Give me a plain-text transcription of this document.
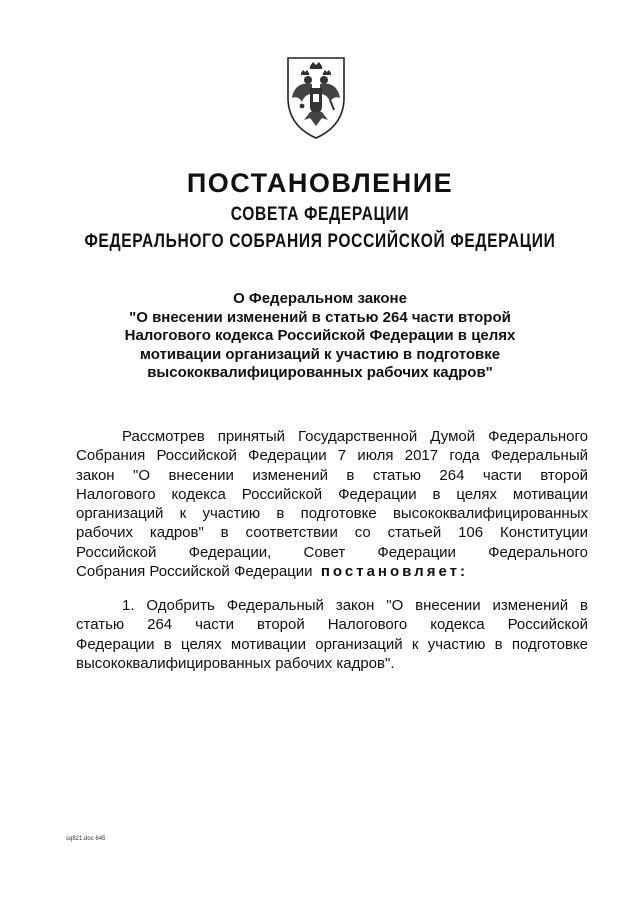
ПОСТАНОВЛЕНИЕ
СОВЕТА ФЕДЕРАЦИИ
ФЕДЕРАЛЬНОГО СОБРАНИЯ РОССИЙСКОЙ ФЕДЕРАЦИИ
О Федеральном законе
"О внесении изменений в статью 264 части второй
Налогового кодекса Российской Федерации в целях
мотивации организаций к участию в подготовке
высококвалифицированных рабочих кадров"
Рассмотрев принятый Государственной Думой Федерального
Собрания Российской Федерации 7 июля 2017 года Федеральный
закон "О внесении изменений в статью 264 части второй
Налогового кодекса Российской Федерации в целях мотивации
организаций к участию в подготовке высококвалифицированных
рабочих кадров" в соответствии со статьей 106 Конституции
Российской Федерации, Совет Федерации Федерального
Собрания Российской Федерации постановляет:
1. Одобрить Федеральный закон "О внесении изменений в
статью 264 части второй Налогового кодекса Российской
Федерации в целях мотивации организаций к участию в подготовке
высококвалифицированных рабочих кадров".
sq821.doc 645
